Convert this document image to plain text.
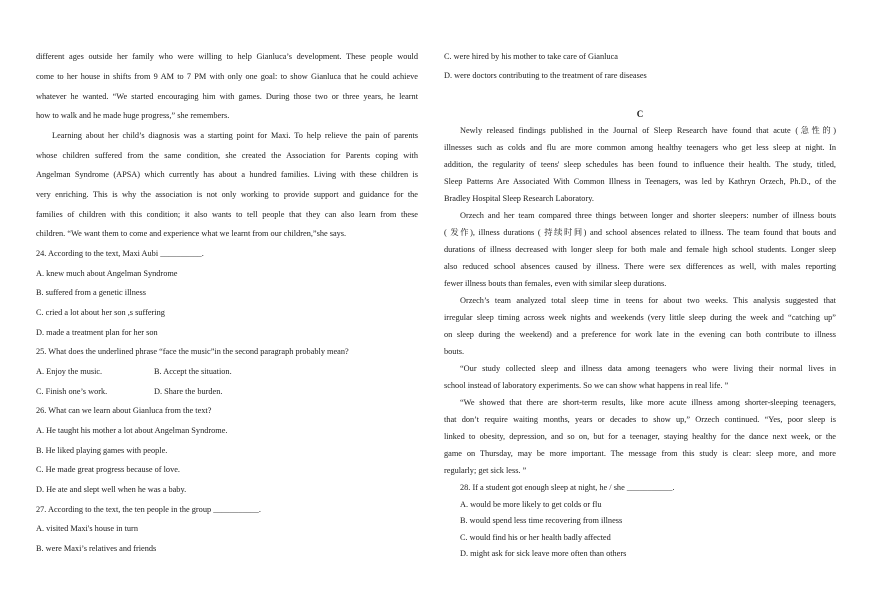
different ages outside her family who were willing to help Gianluca’s development. These people would
come to her house in shifts from 9 AM to 7 PM with only one goal: to show Gianluca that he could achieve
whatever he wanted. “We started encouraging him with games. During those two or three years, he learnt
how to walk and he made huge progress,” she remembers.
Learning about her child’s diagnosis was a starting point for Maxi. To help relieve the pain of parents
whose children suffered from the same condition, she created the Association for Parents coping with
Angelman Syndrome (APSA) which currently has about a hundred families. Living with these children is
very enriching. This is why the association is not only working to provide support and guidance for the
families of children with this condition; it also wants to tell people that they can also learn from these
children. “We want them to come and experience what we learnt from our children,”she says.
24. According to the text, Maxi Aubi __________.
A. knew much about Angelman Syndrome
B. suffered from a genetic illness
C. cried a lot about her son ,s suffering
D. made a treatment plan for her son
25. What does the underlined phrase “face the music”in the second paragraph probably mean?
A. Enjoy the music.	B. Accept the situation.
C. Finish one’s work.	D. Share the burden.
26. What can we learn about Gianluca from the text?
A. He taught his mother a lot about Angelman Syndrome.
B. He liked playing games with people.
C. He made great progress because of love.
D. He ate and slept well when he was a baby.
27. According to the text, the ten people in the group ___________.
A. visited Maxi's house in turn
B. were Maxi’s relatives and friends
C. were hired by his mother to take care of Gianluca
D. were doctors contributing to the treatment of rare diseases
C
Newly released findings published in the Journal of Sleep Research have found that acute (急性的)
illnesses such as colds and flu are more common among healthy teenagers who get less sleep at night. In
addition, the regularity of teens' sleep schedules has been found to influence their health. The study, titled,
Sleep Patterns Are Associated With Common Illness in Teenagers, was led by Kathryn Orzech, Ph.D., of the
Bradley Hospital Sleep Research Laboratory.
Orzech and her team compared three things between longer and shorter sleepers: number of illness bouts
( 发作), illness durations ( 持续时间) and school absences related to illness. The team found that bouts and
durations of illness decreased with longer sleep for both male and female high school students. Longer sleep
also reduced school absences caused by illness. There were sex differences as well, with males reporting
fewer illness bouts than females, even with similar sleep durations.
Orzech’s team analyzed total sleep time in teens for about two weeks. This analysis suggested that
irregular sleep timing across week nights and weekends (very little sleep during the week and “catching up”
on sleep during the weekend) and a preference for work late in the evening can both contribute to illness
bouts.
“Our study collected sleep and illness data among teenagers who were living their normal lives in
school instead of laboratory experiments. So we can show what happens in real life. ”
“We showed that there are short-term results, like more acute illness among shorter-sleeping teenagers,
that don’t require waiting months, years or decades to show up,” Orzech continued. “Yes, poor sleep is
linked to obesity, depression, and so on, but for a teenager, staying healthy for the dance next week, or the
game on Thursday, may be more important. The message from this study is clear: sleep more, and more
regularly; get sick less. ”
28. If a student got enough sleep at night, he / she ___________.
A. would be more likely to get colds or flu
B. would spend less time recovering from illness
C. would find his or her health badly affected
D. might ask for sick leave more often than others
